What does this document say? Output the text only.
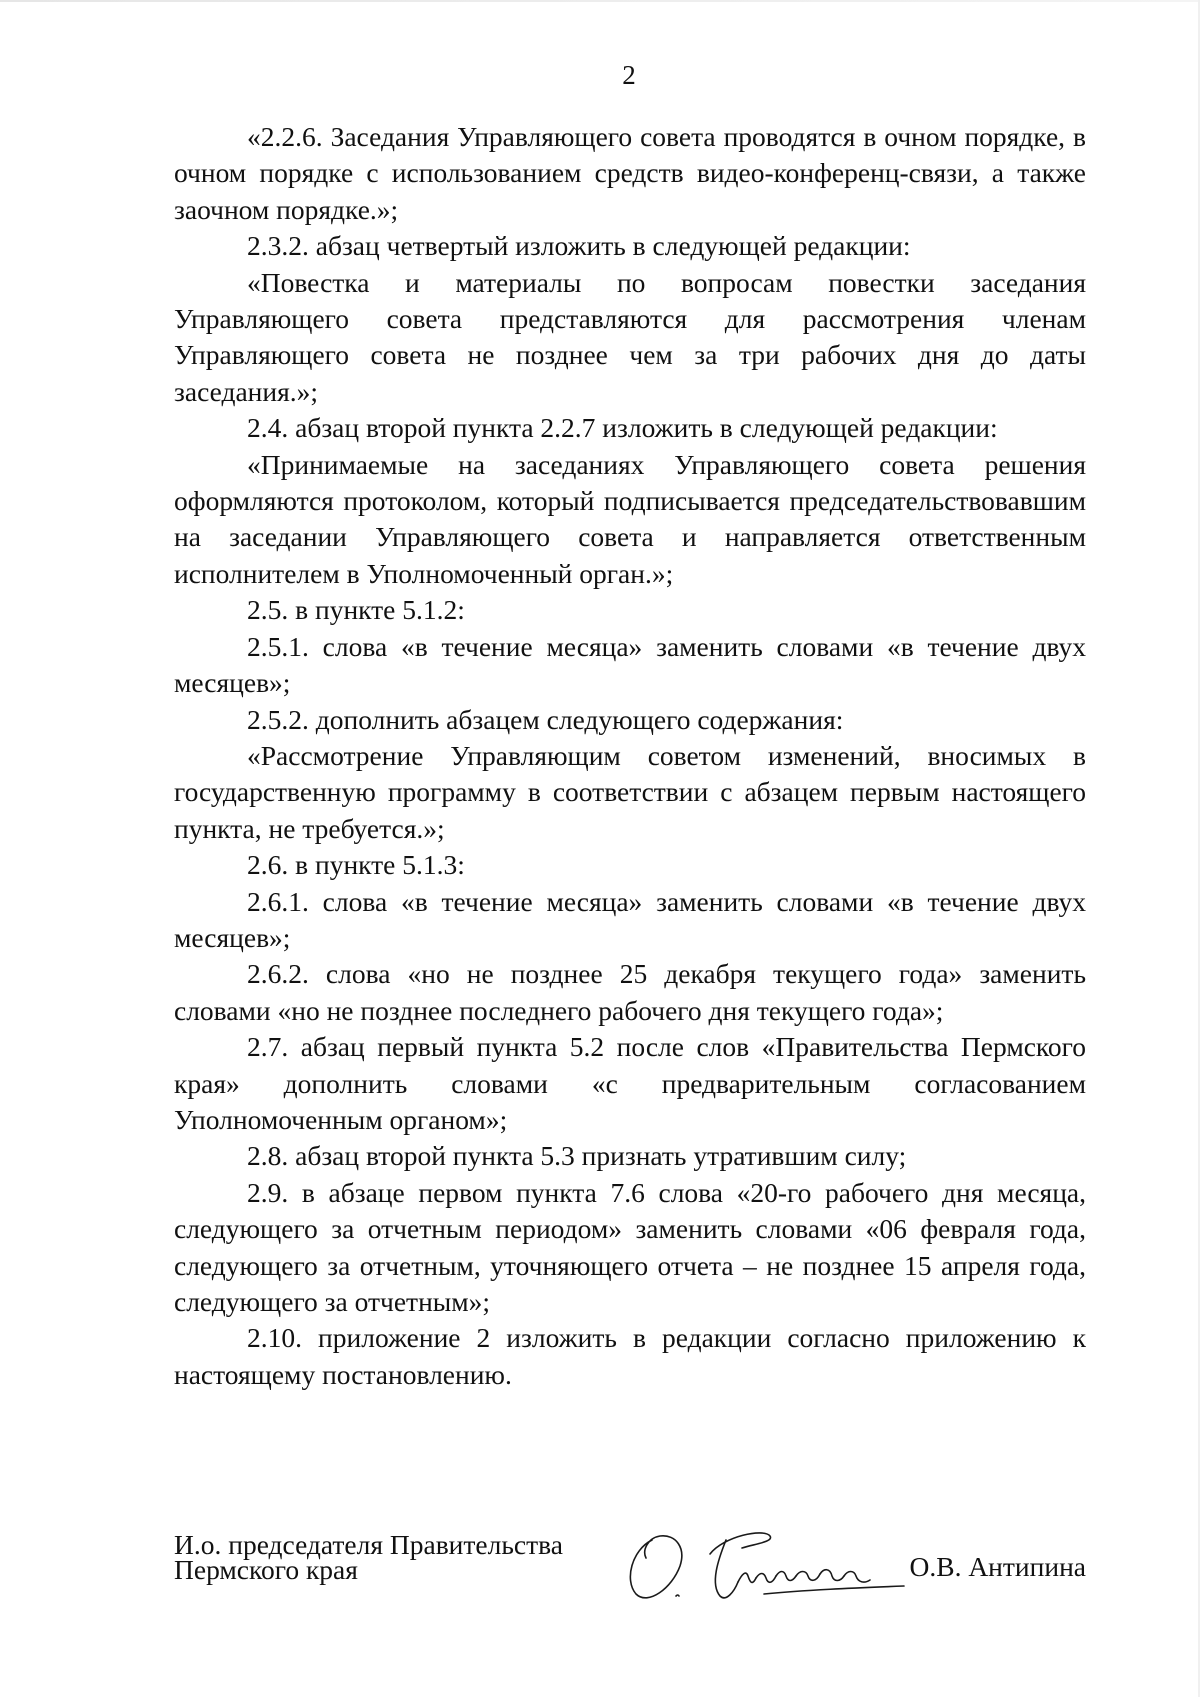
2

«2.2.6. Заседания Управляющего совета проводятся в очном порядке, в очном порядке с использованием средств видео-конференц-связи, а также заочном порядке.»;

2.3.2. абзац четвертый изложить в следующей редакции:

«Повестка и материалы по вопросам повестки заседания Управляющего совета представляются для рассмотрения членам Управляющего совета не позднее чем за три рабочих дня до даты заседания.»;

2.4. абзац второй пункта 2.2.7 изложить в следующей редакции:

«Принимаемые на заседаниях Управляющего совета решения оформляются протоколом, который подписывается председательствовавшим на заседании Управляющего совета и направляется ответственным исполнителем в Уполномоченный орган.»;

2.5. в пункте 5.1.2:

2.5.1. слова «в течение месяца» заменить словами «в течение двух месяцев»;

2.5.2. дополнить абзацем следующего содержания:

«Рассмотрение Управляющим советом изменений, вносимых в государственную программу в соответствии с абзацем первым настоящего пункта, не требуется.»;

2.6. в пункте 5.1.3:

2.6.1. слова «в течение месяца» заменить словами «в течение двух месяцев»;

2.6.2. слова «но не позднее 25 декабря текущего года» заменить словами «но не позднее последнего рабочего дня текущего года»;

2.7. абзац первый пункта 5.2 после слов «Правительства Пермского края» дополнить словами «с предварительным согласованием Уполномоченным органом»;

2.8. абзац второй пункта 5.3 признать утратившим силу;

2.9. в абзаце первом пункта 7.6 слова «20-го рабочего дня месяца, следующего за отчетным периодом» заменить словами «06 февраля года, следующего за отчетным, уточняющего отчета – не позднее 15 апреля года, следующего за отчетным»;

2.10. приложение 2 изложить в редакции согласно приложению к настоящему постановлению.

И.о. председателя Правительства
Пермского края	О.В. Антипина
